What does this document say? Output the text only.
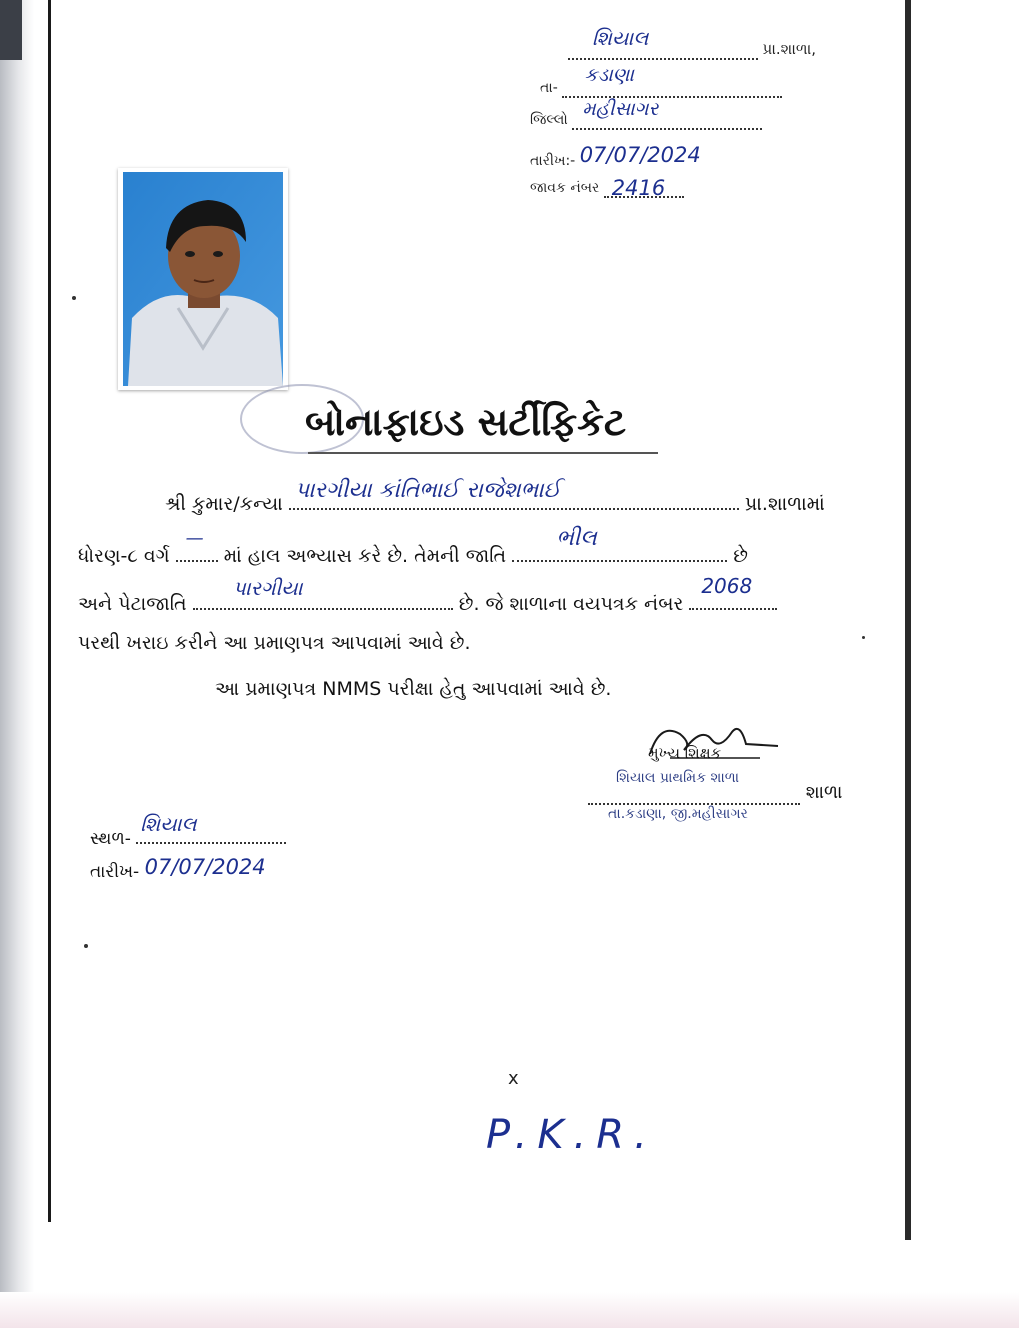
શિયાલ	પ્રા.શાળા,
તા-
કડાણા

જિલ્લો મહીસાગર

તારીખ:- 07/07/2024
જાવક નંબર 2416

બોનાફાઇડ સર્ટીફિકેટ
શ્રી કુમાર/કન્યા
પારગીયા કાંતિભાઈ રાજેશભાઈ
પ્રા.શાળામાં
ધોરણ-૮ વર્ગ
—
માં હાલ અભ્યાસ કરે છે. તેમની જાતિ
ભીલ
છે
અને પેટાજાતિ
પારગીયા
છે. જે શાળાના વયપત્રક નંબર
2068
પરથી ખરાઇ કરીને આ પ્રમાણપત્ર આપવામાં આવે છે.
આ પ્રમાણપત્ર NMMS પરીક્ષા હેતુ આપવામાં આવે છે.
મુખ્ય શિક્ષક
શિયાલ પ્રાથમિક શાળા
શાળા
તા.કડાણા, જી.મહીસાગર
સ્થળ-
શિયાલ
તારીખ- 07/07/2024
x
P.K.R.
